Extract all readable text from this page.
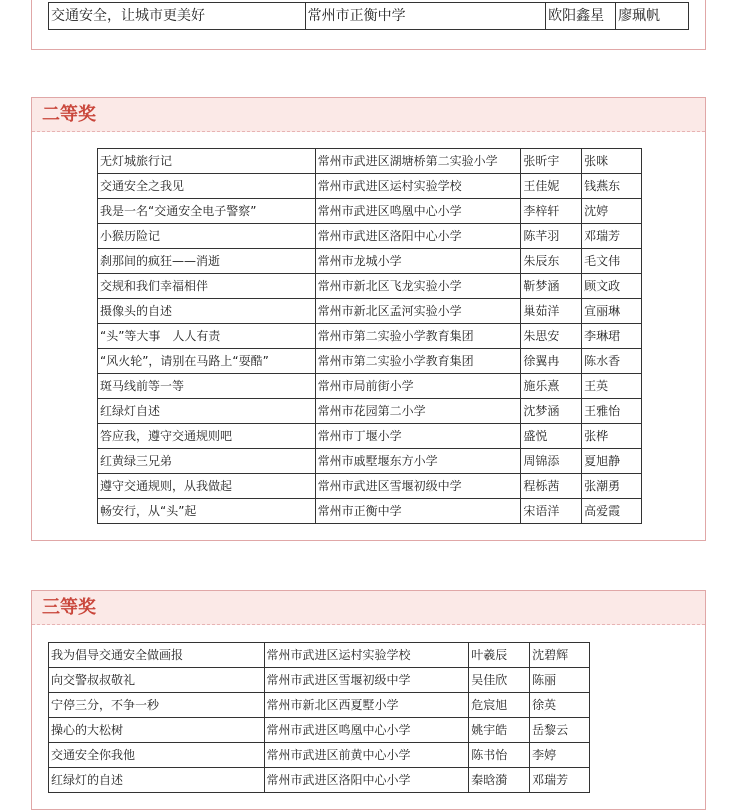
交通安全，让城市更美好	常州市正衡中学	欧阳鑫星	廖珮帆
二等奖
无灯城旅行记	常州市武进区湖塘桥第二实验小学	张昕宇	张咪
交通安全之我见	常州市武进区运村实验学校	王佳妮	钱燕东
我是一名“交通安全电子警察”	常州市武进区鸣凰中心小学	李梓轩	沈婷
小猴历险记	常州市武进区洛阳中心小学	陈芊羽	邓瑞芳
刹那间的疯狂——消逝	常州市龙城小学	朱辰东	毛文伟
交规和我们幸福相伴	常州市新北区飞龙实验小学	靳梦涵	顾文政
摄像头的自述	常州市新北区孟河实验小学	巢茹洋	宣丽琳
“头”等大事　人人有责	常州市第二实验小学教育集团	朱思安	李琳珺
“风火轮”，请别在马路上“耍酷”	常州市第二实验小学教育集团	徐翼冉	陈水香
斑马线前等一等	常州市局前街小学	施乐熹	王英
红绿灯自述	常州市花园第二小学	沈梦涵	王雅怡
答应我，遵守交通规则吧	常州市丁堰小学	盛悦	张桦
红黄绿三兄弟	常州市戚墅堰东方小学	周锦添	夏旭静
遵守交通规则，从我做起	常州市武进区雪堰初级中学	程栎茜	张潮勇
畅安行，从“头”起	常州市正衡中学	宋语洋	高爱霞
三等奖
我为倡导交通安全做画报	常州市武进区运村实验学校	叶羲辰	沈碧辉
向交警叔叔敬礼	常州市武进区雪堰初级中学	吴佳欣	陈丽
宁停三分，不争一秒	常州市新北区西夏墅小学	危宸旭	徐英
操心的大松树	常州市武进区鸣凰中心小学	姚宇皓	岳黎云
交通安全你我他	常州市武进区前黄中心小学	陈书怡	李婷
红绿灯的自述	常州市武进区洛阳中心小学	秦晗漪	邓瑞芳
